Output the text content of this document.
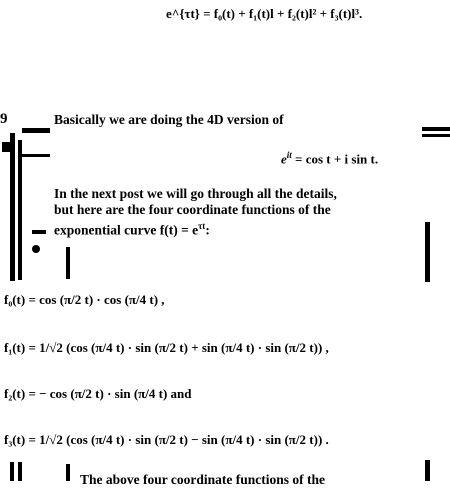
e^{τt} = f₀(t) + f₁(t)l + f₂(t)l² + f₃(t)l³.
9	Basically we are doing the 4D version of
$e^{it} = \cos t + i$ sin t.
In the next post we will go through all the details,
but here are the four coordinate functions of the
exponential curve $f(t) = e^{\tau t}$:
f₀(t) = cos (π/2 t) · cos (π/4 t) ,
f₁(t) = 1/√2 (cos (π/4 t) · sin (π/2 t) + sin (π/4 t) · sin (π/2 t)) ,
f₂(t) = − cos (π/2 t) · sin (π/4 t) and
f₃(t) = 1/√2 (cos (π/4 t) · sin (π/2 t) − sin (π/4 t) · sin (π/2 t)) .
The above four coordinate functions of the
